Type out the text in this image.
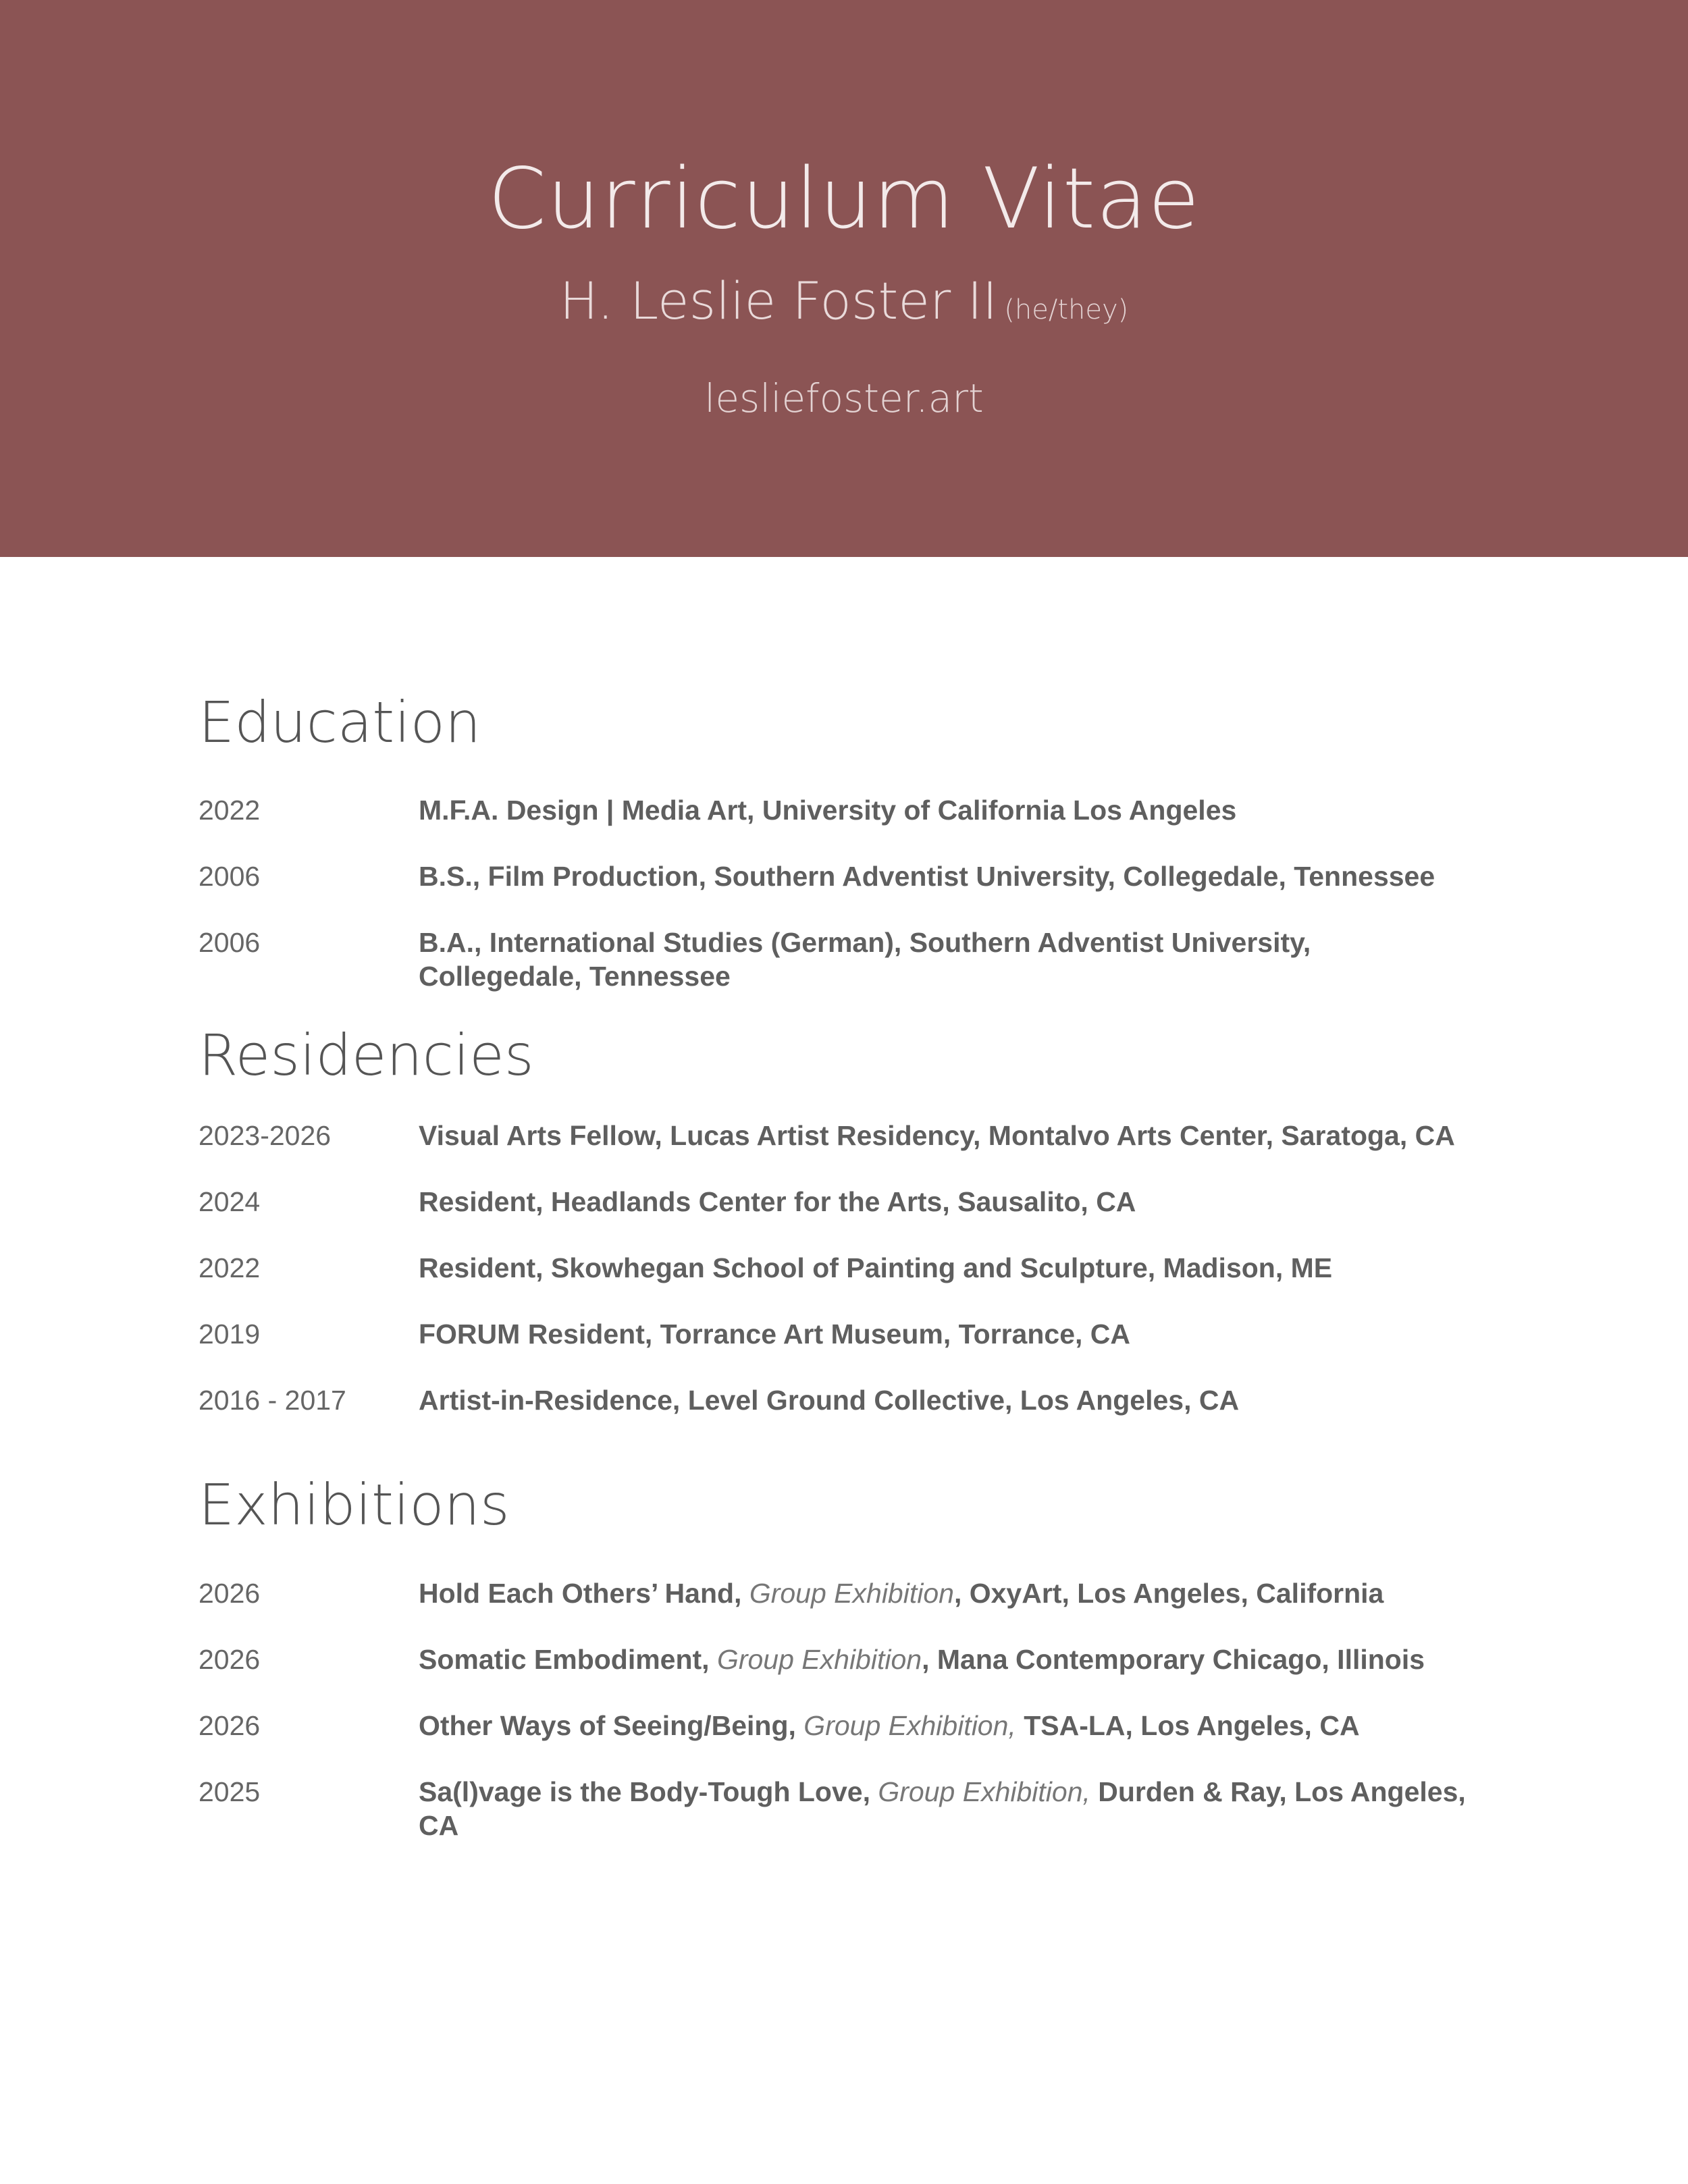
Curriculum Vitae
H. Leslie Foster II (he/they)
lesliefoster.art
Education
2022	M.F.A. Design | Media Art, University of California Los Angeles
2006	B.S., Film Production, Southern Adventist University, Collegedale, Tennessee
2006	B.A., International Studies (German), Southern Adventist University,
Collegedale, Tennessee
Residencies
2023-2026	Visual Arts Fellow, Lucas Artist Residency, Montalvo Arts Center, Saratoga, CA
2024	Resident, Headlands Center for the Arts, Sausalito, CA
2022	Resident, Skowhegan School of Painting and Sculpture, Madison, ME
2019	FORUM Resident, Torrance Art Museum, Torrance, CA
2016 - 2017	Artist-in-Residence, Level Ground Collective, Los Angeles, CA
Exhibitions
2026	Hold Each Others’ Hand, Group Exhibition, OxyArt, Los Angeles, California
2026	Somatic Embodiment, Group Exhibition, Mana Contemporary Chicago, Illinois
2026	Other Ways of Seeing/Being, Group Exhibition, TSA-LA, Los Angeles, CA
2025	Sa(l)vage is the Body-Tough Love, Group Exhibition, Durden & Ray, Los Angeles, CA
